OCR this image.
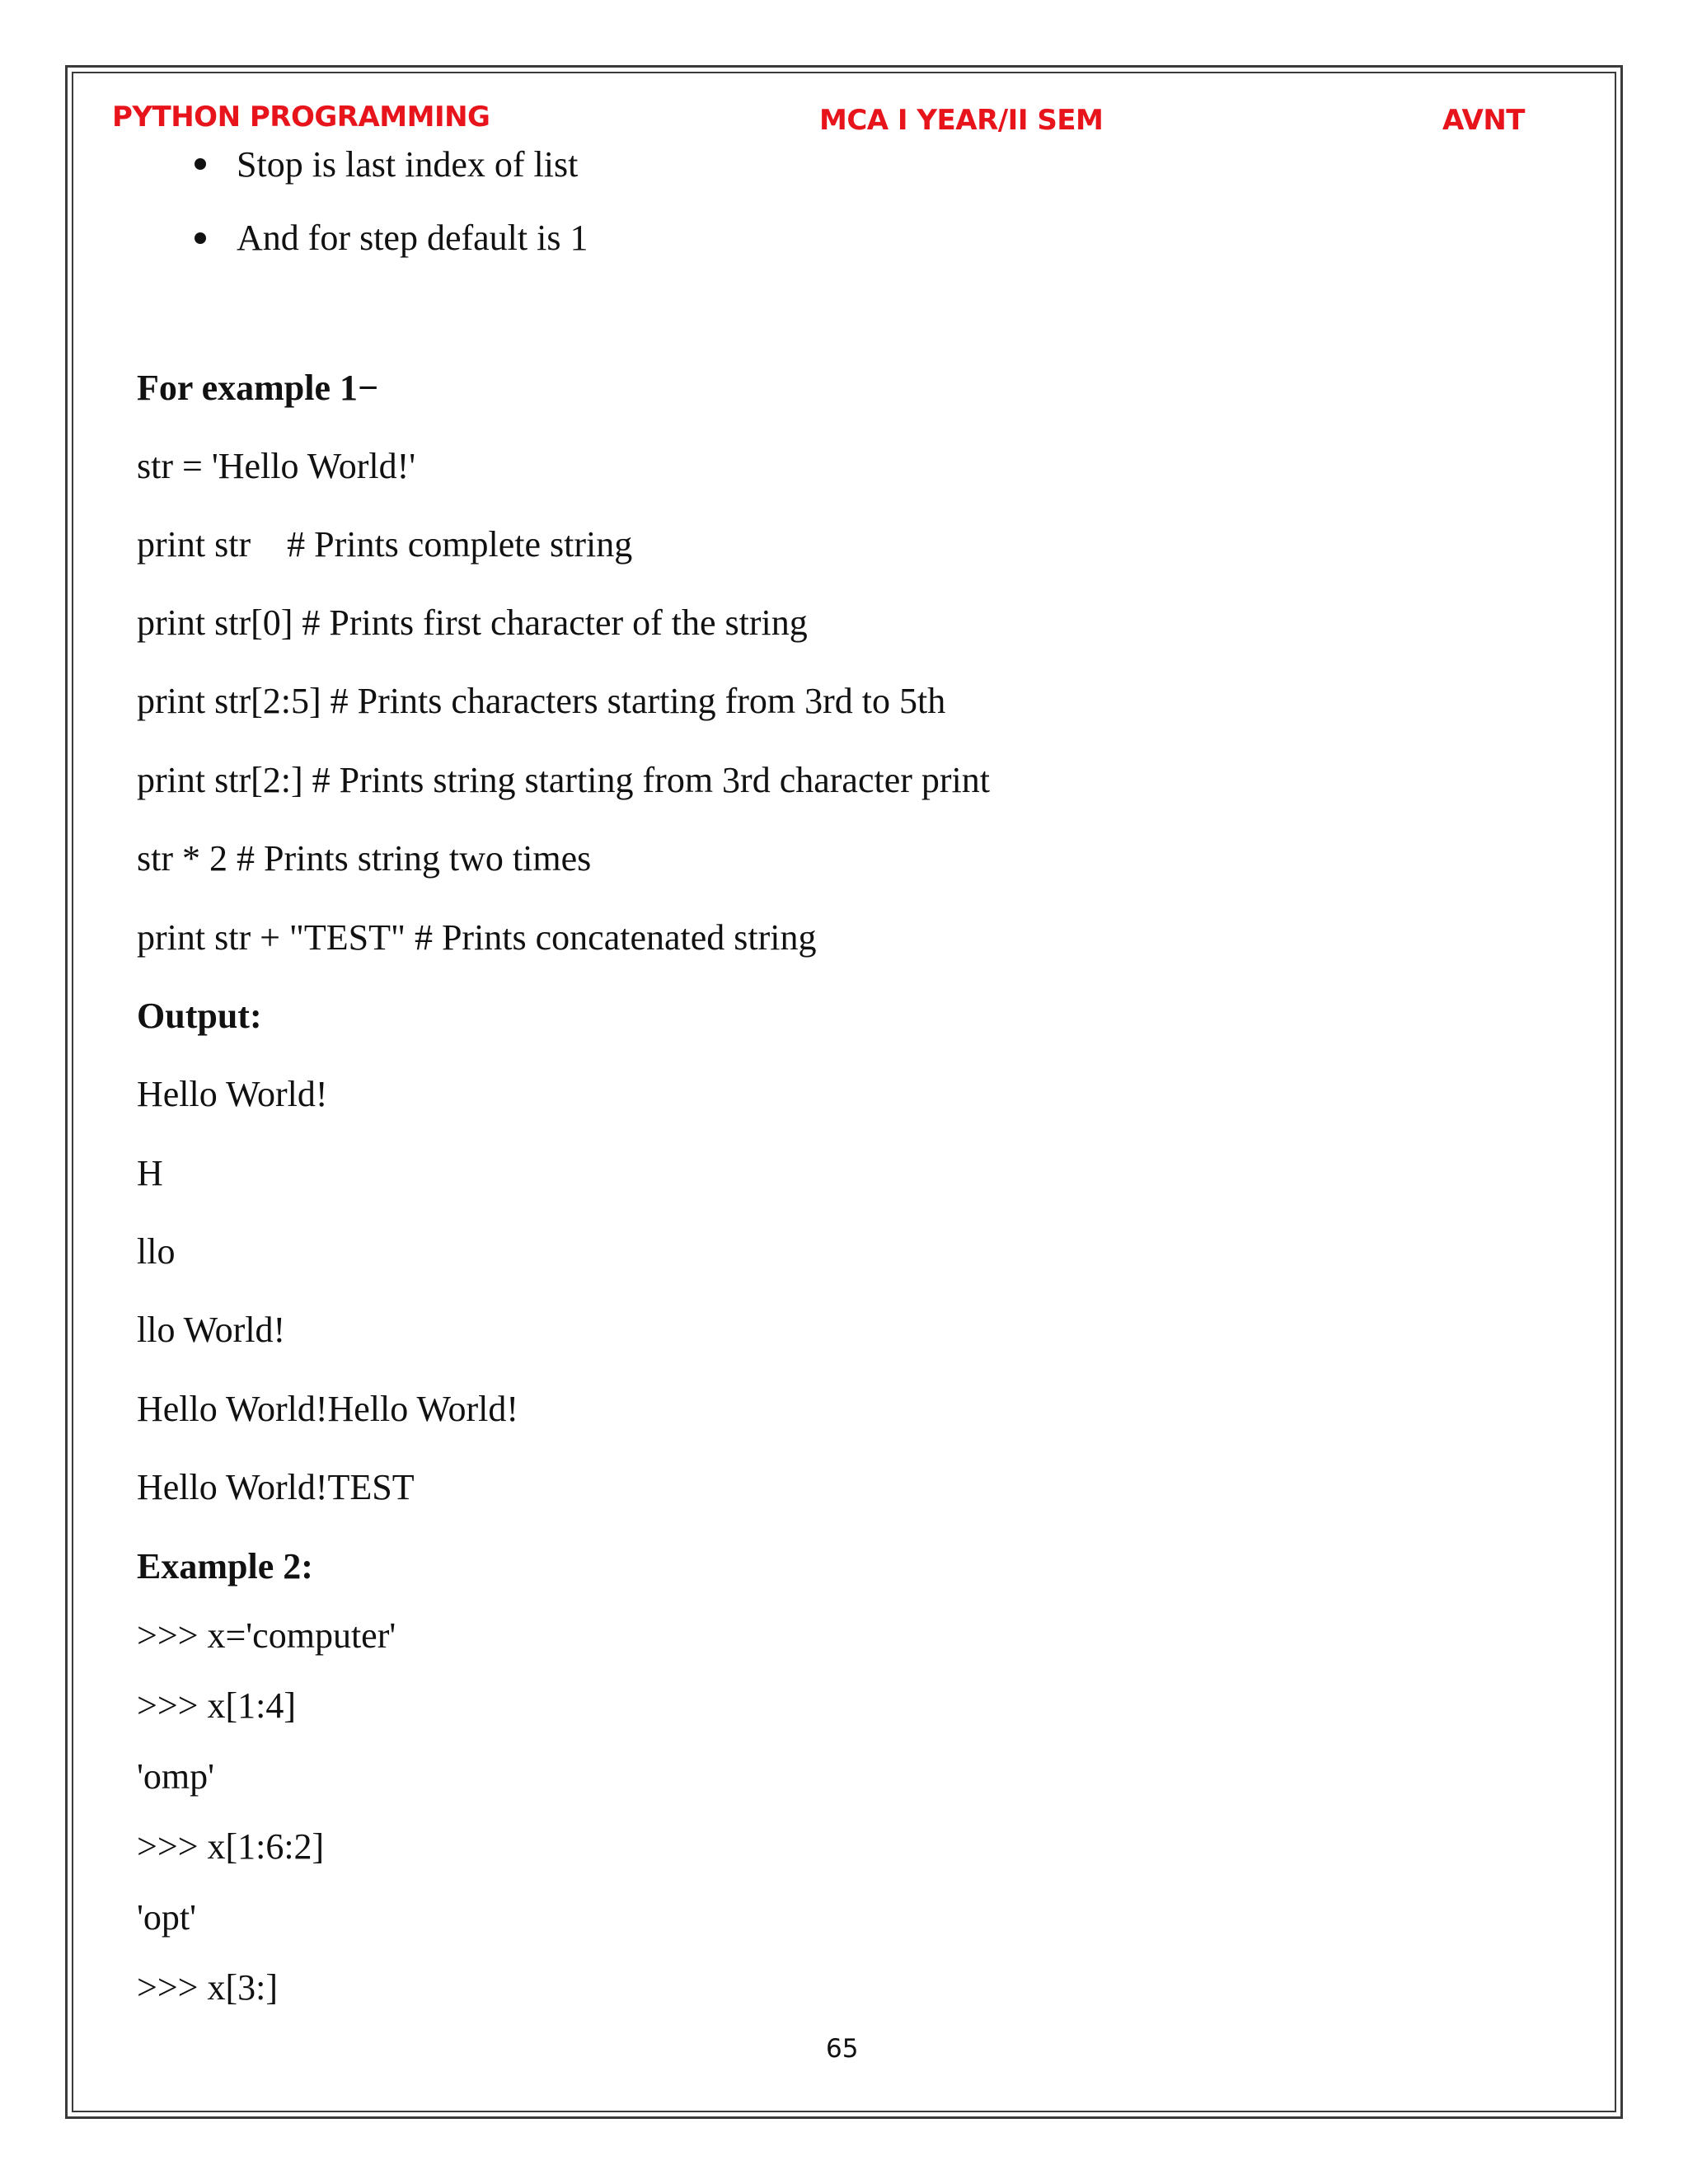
PYTHON PROGRAMMING	MCA I YEAR/II SEM	AVNT
Stop is last index of list
And for step default is 1
For example 1−
str = 'Hello World!'
print str    # Prints complete string
print str[0] # Prints first character of the string
print str[2:5] # Prints characters starting from 3rd to 5th
print str[2:] # Prints string starting from 3rd character print
str * 2 # Prints string two times
print str + "TEST" # Prints concatenated string
Output:
Hello World!
H
llo
llo World!
Hello World!Hello World!
Hello World!TEST
Example 2:
>>> x='computer'
>>> x[1:4]
'omp'
>>> x[1:6:2]
'opt'
>>> x[3:]
65
